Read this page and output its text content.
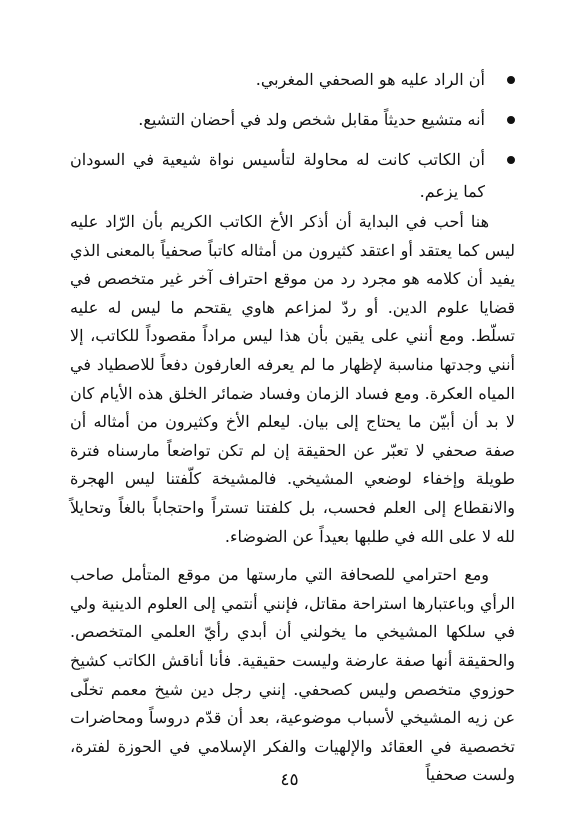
أن الراد عليه هو الصحفي المغربي.
أنه متشيع حديثاً مقابل شخص ولد في أحضان التشيع.
أن الكاتب كانت له محاولة لتأسيس نواة شيعية في السودان كما يزعم.

هنا أحب في البداية أن أذكر الأخ الكاتب الكريم بأن الرّاد عليه ليس كما يعتقد أو اعتقد كثيرون من أمثاله كاتباً صحفياً بالمعنى الذي يفيد أن كلامه هو مجرد رد من موقع احتراف آخر غير متخصص في قضايا علوم الدين. أو ردّ لمزاعم هاوي يقتحم ما ليس له عليه تسلّط. ومع أنني على يقين بأن هذا ليس مراداً مقصوداً للكاتب، إلا أنني وجدتها مناسبة لإظهار ما لم يعرفه العارفون دفعاً للاصطياد في المياه العكرة. ومع فساد الزمان وفساد ضمائر الخلق هذه الأيام كان لا بد أن أبيّن ما يحتاج إلى بيان. ليعلم الأخ وكثيرون من أمثاله أن صفة صحفي لا تعبّر عن الحقيقة إن لم تكن تواضعاً مارسناه فترة طويلة وإخفاء لوضعي المشيخي. فالمشيخة كلّفتنا ليس الهجرة والانقطاع إلى العلم فحسب، بل كلفتنا تستراً واحتجاباً بالغاً وتحايلاً لله لا على الله في طلبها بعيداً عن الضوضاء.

ومع احترامي للصحافة التي مارستها من موقع المتأمل صاحب الرأي وباعتبارها استراحة مقاتل، فإنني أنتمي إلى العلوم الدينية ولي في سلكها المشيخي ما يخولني أن أبدي رأيّ العلمي المتخصص. والحقيقة أنها صفة عارضة وليست حقيقية. فأنا أناقش الكاتب كشيخ حوزوي متخصص وليس كصحفي. إنني رجل دين شيخ معمم تخلّى عن زيه المشيخي لأسباب موضوعية، بعد أن قدّم دروساً ومحاضرات تخصصية في العقائد والإلهيات والفكر الإسلامي في الحوزة لفترة، ولست صحفياً

٤٥
